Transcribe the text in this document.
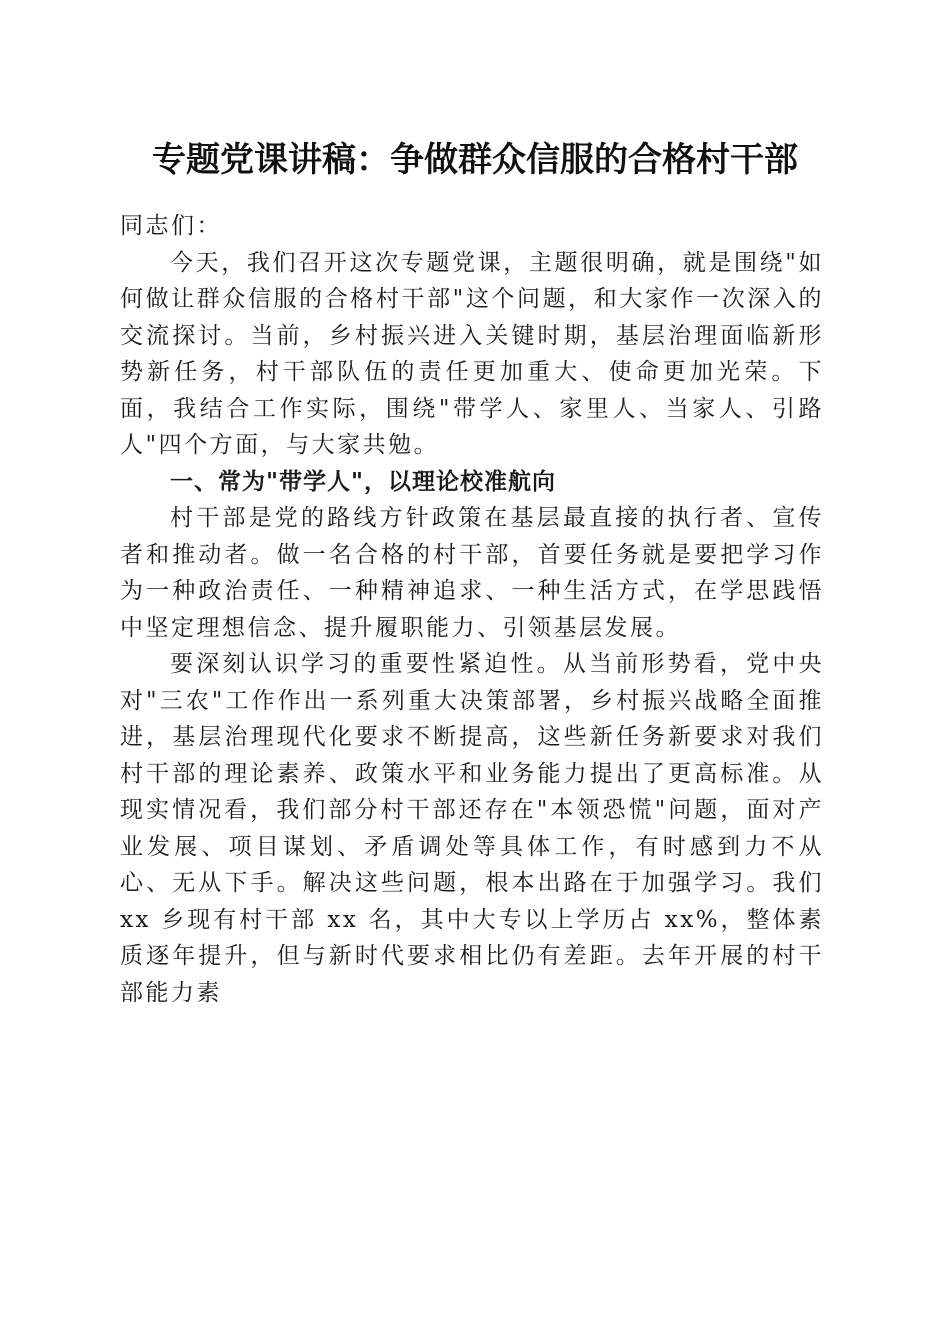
专题党课讲稿：争做群众信服的合格村干部

同志们：

今天，我们召开这次专题党课，主题很明确，就是围绕"如何做让群众信服的合格村干部"这个问题，和大家作一次深入的交流探讨。当前，乡村振兴进入关键时期，基层治理面临新形势新任务，村干部队伍的责任更加重大、使命更加光荣。下面，我结合工作实际，围绕"带学人、家里人、当家人、引路人"四个方面，与大家共勉。

一、常为"带学人"，以理论校准航向

村干部是党的路线方针政策在基层最直接的执行者、宣传者和推动者。做一名合格的村干部，首要任务就是要把学习作为一种政治责任、一种精神追求、一种生活方式，在学思践悟中坚定理想信念、提升履职能力、引领基层发展。

要深刻认识学习的重要性紧迫性。从当前形势看，党中央对"三农"工作作出一系列重大决策部署，乡村振兴战略全面推进，基层治理现代化要求不断提高，这些新任务新要求对我们村干部的理论素养、政策水平和业务能力提出了更高标准。从现实情况看，我们部分村干部还存在"本领恐慌"问题，面对产业发展、项目谋划、矛盾调处等具体工作，有时感到力不从心、无从下手。解决这些问题，根本出路在于加强学习。我们 xx 乡现有村干部 xx 名，其中大专以上学历占 xx%，整体素质逐年提升，但与新时代要求相比仍有差距。去年开展的村干部能力素
